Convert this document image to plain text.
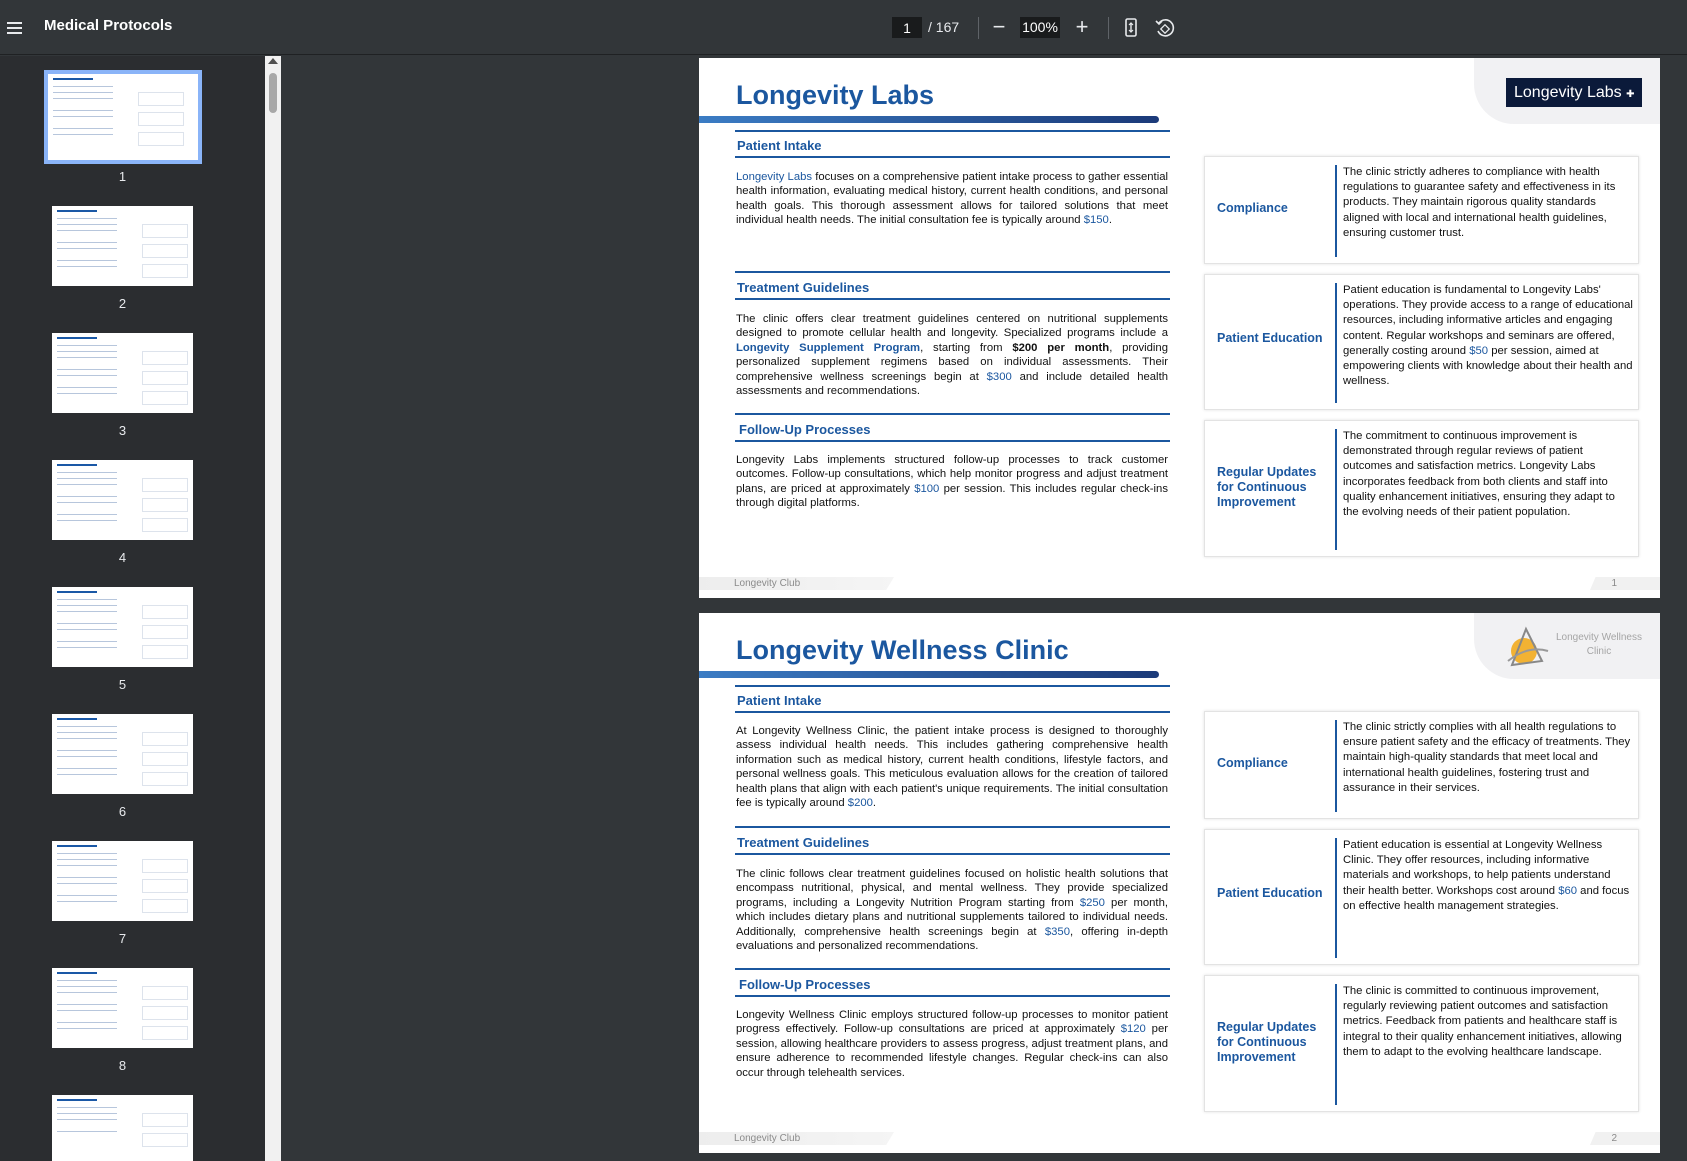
Medical Protocols
1	/ 167	−	100% +
1
2
3
4
5
6
7
8
Longevity Labs	Longevity Labs ✚
Patient Intake
Longevity Labs focuses on a comprehensive patient intake process to gather essential health information, evaluating medical history, current health conditions, and personal health goals. This thorough assessment allows for tailored solutions that meet individual health needs. The initial consultation fee is typically around $150.
Treatment Guidelines
The clinic offers clear treatment guidelines centered on nutritional supplements designed to promote cellular health and longevity. Specialized programs include a Longevity Supplement Program, starting from $200 per month, providing personalized supplement regimens based on individual assessments. Their comprehensive wellness screenings begin at $300 and include detailed health assessments and recommendations.
Follow-Up Processes
Longevity Labs implements structured follow-up processes to track customer outcomes. Follow-up consultations, which help monitor progress and adjust treatment plans, are priced at approximately $100 per session. This includes regular check-ins through digital platforms.
Compliance
The clinic strictly adheres to compliance with health regulations to guarantee safety and effectiveness in its products. They maintain rigorous quality standards aligned with local and international health guidelines, ensuring customer trust.
Patient Education
Patient education is fundamental to Longevity Labs' operations. They provide access to a range of educational resources, including informative articles and engaging content. Regular workshops and seminars are offered, generally costing around $50 per session, aimed at empowering clients with knowledge about their health and wellness.
Regular Updates for Continuous Improvement
The commitment to continuous improvement is demonstrated through regular reviews of patient outcomes and satisfaction metrics. Longevity Labs incorporates feedback from both clients and staff into quality enhancement initiatives, ensuring they adapt to the evolving needs of their patient population.
Longevity Club	1
Longevity Wellness Clinic	Longevity Wellness Clinic
Patient Intake
At Longevity Wellness Clinic, the patient intake process is designed to thoroughly assess individual health needs. This includes gathering comprehensive health information such as medical history, current health conditions, lifestyle factors, and personal wellness goals. This meticulous evaluation allows for the creation of tailored health plans that align with each patient's unique requirements. The initial consultation fee is typically around $200.
Treatment Guidelines
The clinic follows clear treatment guidelines focused on holistic health solutions that encompass nutritional, physical, and mental wellness. They provide specialized programs, including a Longevity Nutrition Program starting from $250 per month, which includes dietary plans and nutritional supplements tailored to individual needs. Additionally, comprehensive health screenings begin at $350, offering in-depth evaluations and personalized recommendations.
Follow-Up Processes
Longevity Wellness Clinic employs structured follow-up processes to monitor patient progress effectively. Follow-up consultations are priced at approximately $120 per session, allowing healthcare providers to assess progress, adjust treatment plans, and ensure adherence to recommended lifestyle changes. Regular check-ins can also occur through telehealth services.
Compliance
The clinic strictly complies with all health regulations to ensure patient safety and the efficacy of treatments. They maintain high-quality standards that meet local and international health guidelines, fostering trust and assurance in their services.
Patient Education
Patient education is essential at Longevity Wellness Clinic. They offer resources, including informative materials and workshops, to help patients understand their health better. Workshops cost around $60 and focus on effective health management strategies.
Regular Updates for Continuous Improvement
The clinic is committed to continuous improvement, regularly reviewing patient outcomes and satisfaction metrics. Feedback from patients and healthcare staff is integral to their quality enhancement initiatives, allowing them to adapt to the evolving healthcare landscape.
Longevity Club	2
